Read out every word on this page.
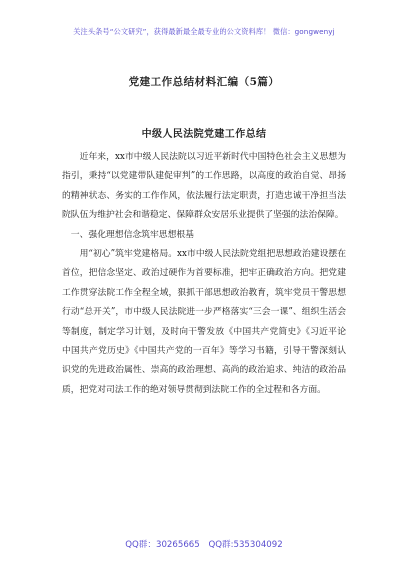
关注头条号“公文研究”，获得最新最全最专业的公文资料库！ 微信：gongwenyj
党建工作总结材料汇编（5篇）
中级人民法院党建工作总结

近年来，xx市中级人民法院以习近平新时代中国特色社会主义思想为指引，秉持“以党建带队建促审判”的工作思路，以高度的政治自觉、昂扬的精神状态、务实的工作作风，依法履行法定职责，打造忠诚干净担当法院队伍为维护社会和谐稳定、保障群众安居乐业提供了坚强的法治保障。

 一、强化理想信念筑牢思想根基

用“初心”筑牢党建格局。xx市中级人民法院党组把思想政治建设摆在首位，把信念坚定、政治过硬作为首要标准，把牢正确政治方向。把党建工作贯穿法院工作全程全域，狠抓干部思想政治教育，筑牢党员干警思想行动“总开关”，市中级人民法院进一步严格落实“三会一课”、组织生活会等制度，制定学习计划，及时向干警发放《中国共产党简史》《习近平论中国共产党历史》《中国共产党的一百年》等学习书籍，引导干警深刻认识党的先进政治属性、崇高的政治理想、高尚的政治追求、纯洁的政治品质，把党对司法工作的绝对领导贯彻到法院工作的全过程和各方面。

QQ群：30265665 QQ群:535304092
